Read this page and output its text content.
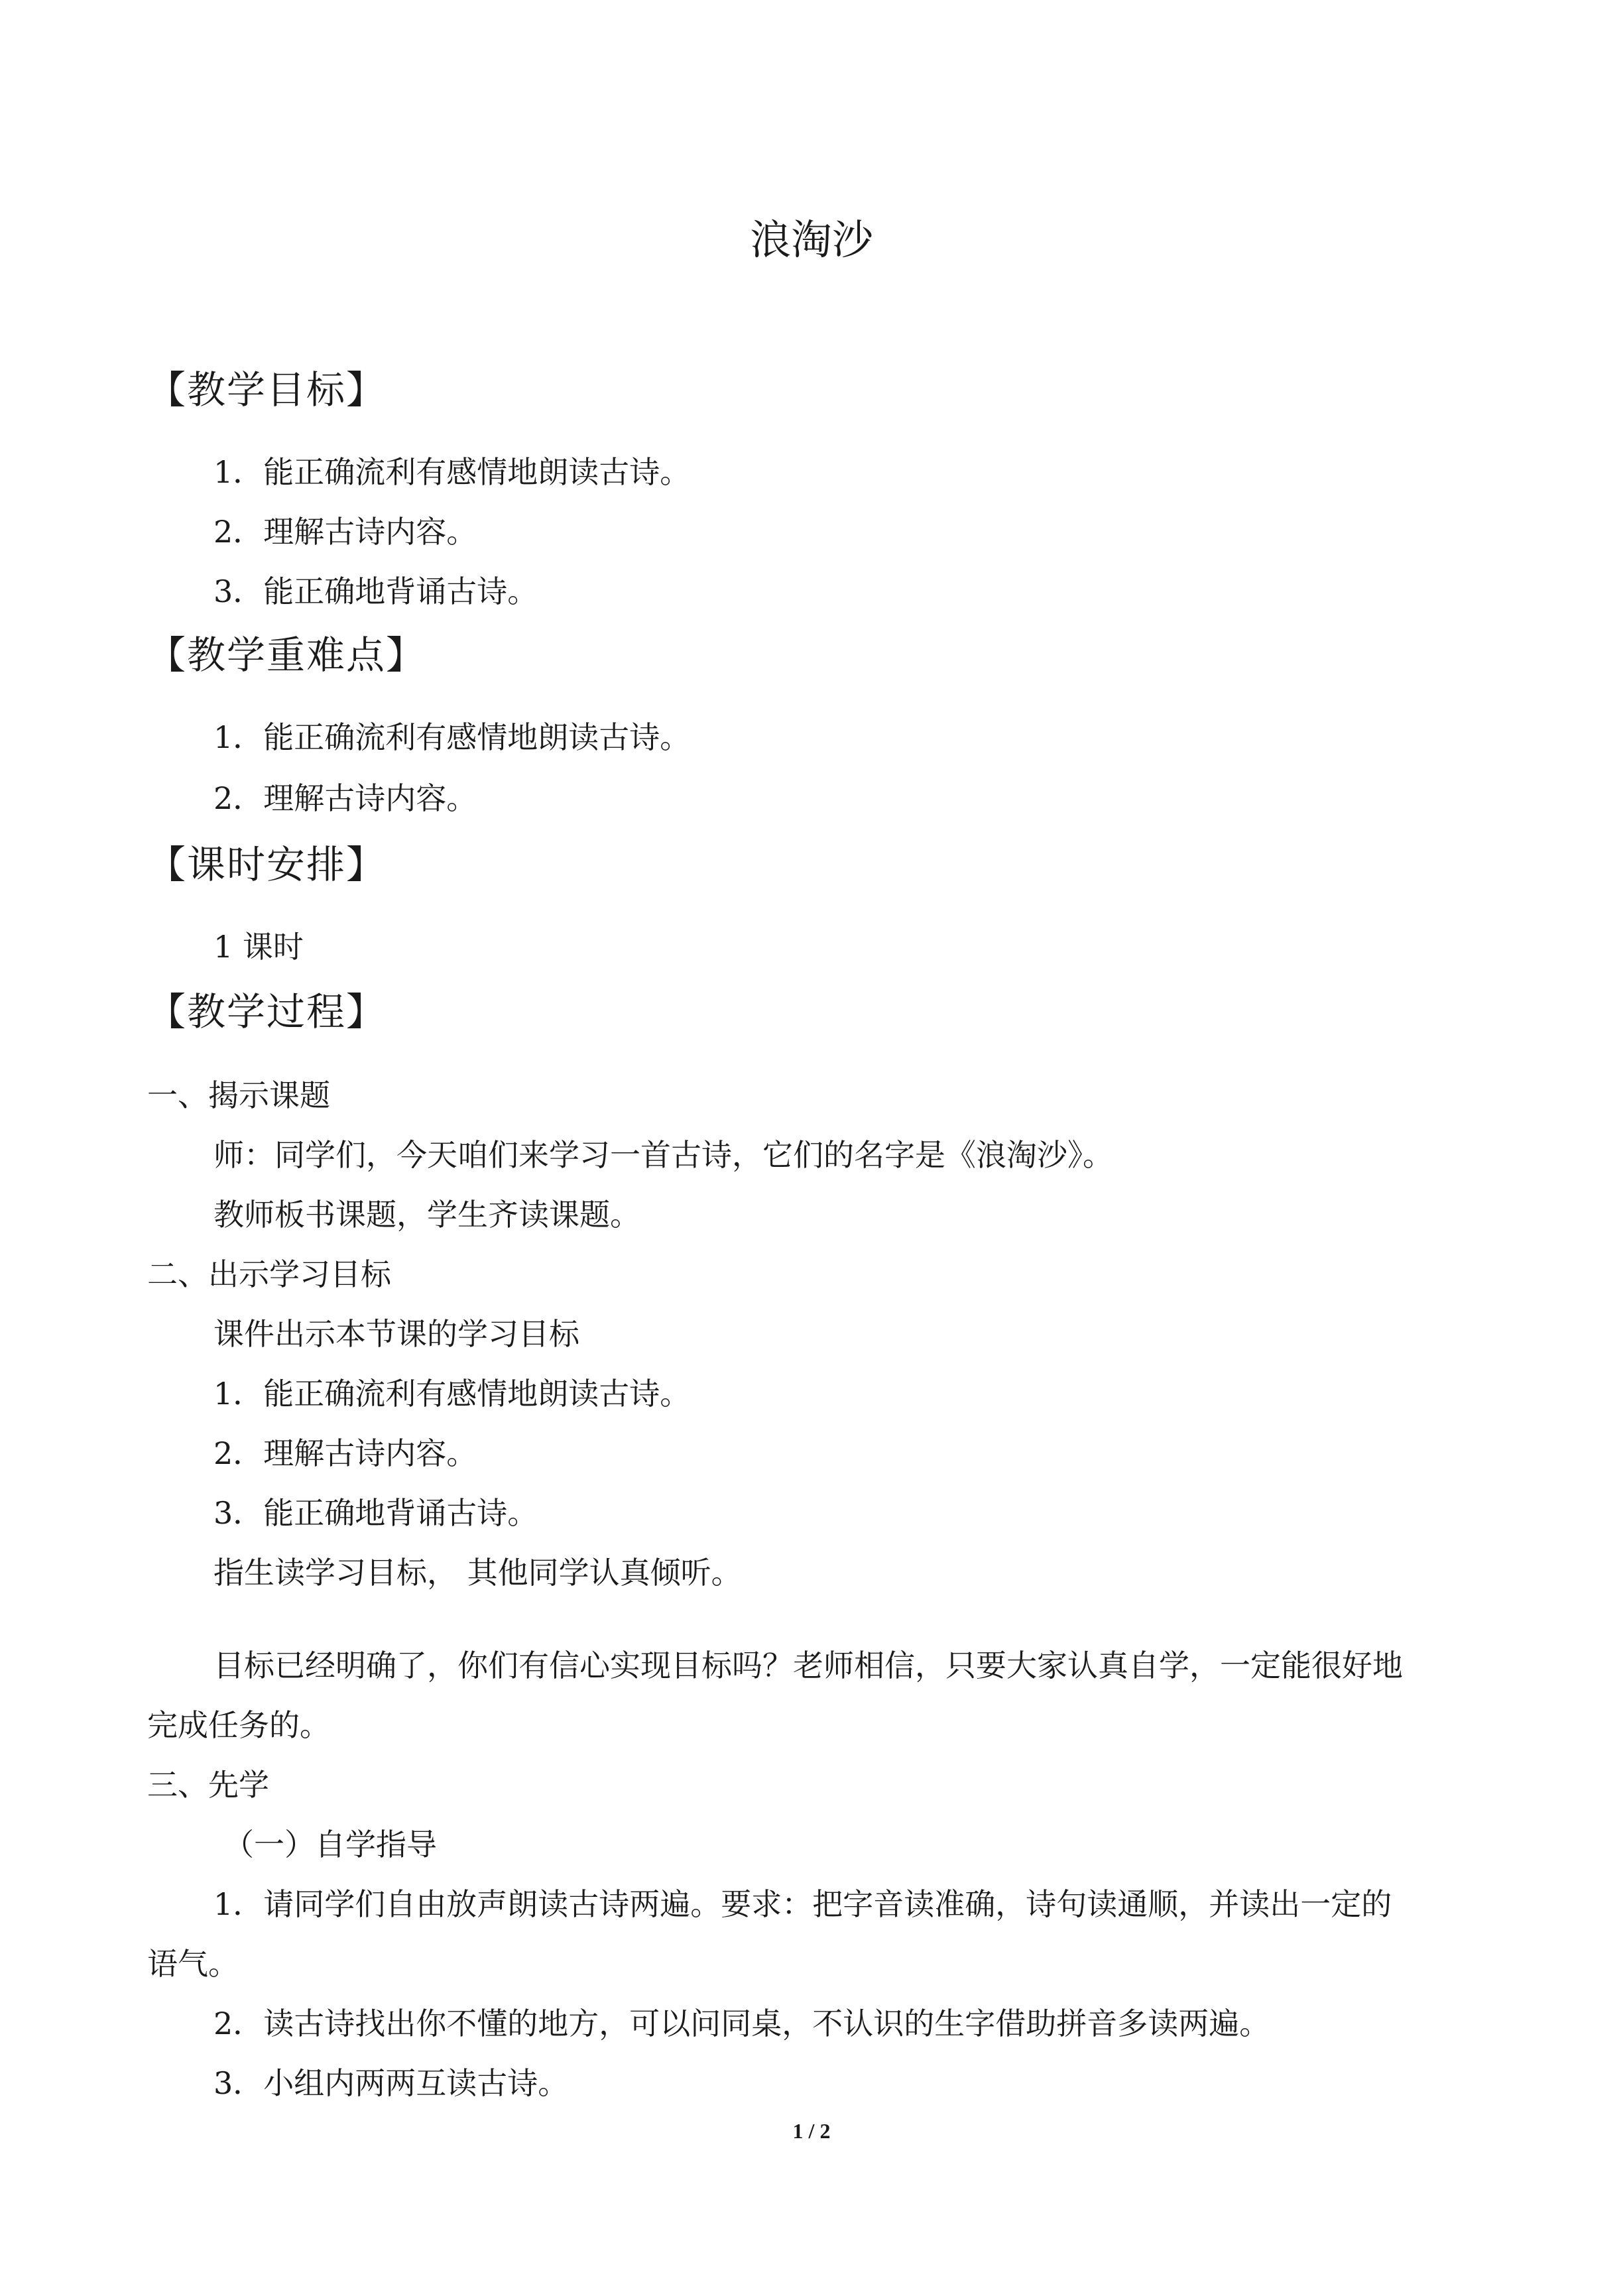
浪淘沙
【教学目标】
1．能正确流利有感情地朗读古诗。
2．理解古诗内容。
3．能正确地背诵古诗。
【教学重难点】
1．能正确流利有感情地朗读古诗。
2．理解古诗内容。
【课时安排】
1 课时
【教学过程】
一、揭示课题
师：同学们，今天咱们来学习一首古诗，它们的名字是《浪淘沙》。
教师板书课题，学生齐读课题。
二、出示学习目标
课件出示本节课的学习目标
1．能正确流利有感情地朗读古诗。
2．理解古诗内容。
3．能正确地背诵古诗。
指生读学习目标， 其他同学认真倾听。
目标已经明确了，你们有信心实现目标吗？老师相信，只要大家认真自学，一定能很好地
完成任务的。
三、先学
（一）自学指导
1．请同学们自由放声朗读古诗两遍。要求：把字音读准确，诗句读通顺，并读出一定的
语气。
2．读古诗找出你不懂的地方，可以问同桌，不认识的生字借助拼音多读两遍。
3．小组内两两互读古诗。
1 / 2
